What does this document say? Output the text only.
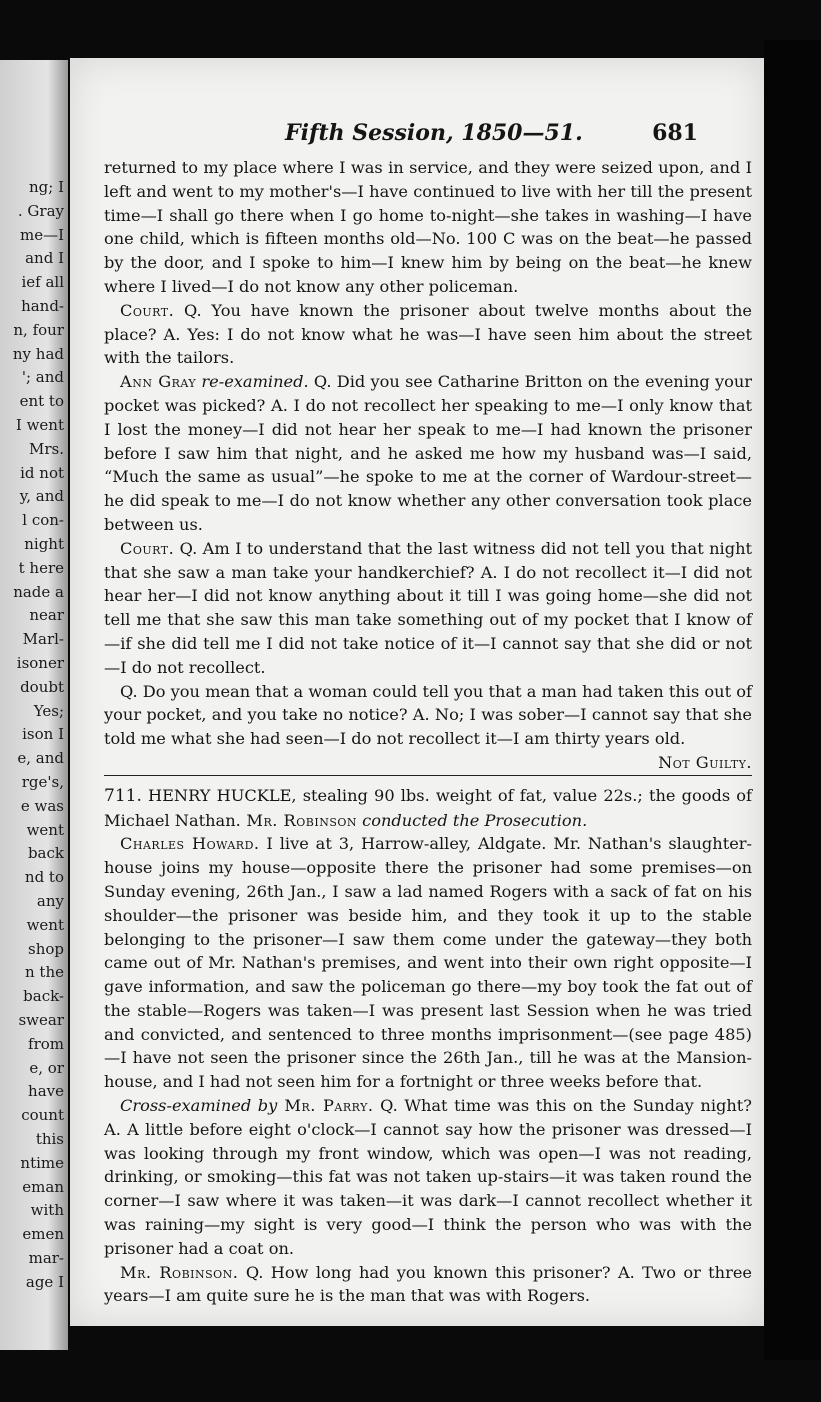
ng; I
. Gray
me—I
and I
ief all
hand-
n, four
ny had
'; and
ent to
I went
Mrs.
id not
y, and
l con-
night
t here
nade a
near
Marl-
isoner
doubt
Yes;
ison I
e, and
rge's,
e was
went
back
nd to
any
went
shop
n the
back-
swear
from
e, or
have
count
this
ntime
eman
with
emen
mar-
age I
Fifth Session, 1850—51.	681

returned to my place where I was in service, and they were seized upon, and I left and went to my mother's—I have continued to live with her till the present time—I shall go there when I go home to-night—she takes in washing—I have one child, which is fifteen months old—No. 100 C was on the beat—he passed by the door, and I spoke to him—I knew him by being on the beat—he knew where I lived—I do not know any other policeman.

Court. Q. You have known the prisoner about twelve months about the place? A. Yes: I do not know what he was—I have seen him about the street with the tailors.

Ann Gray re-examined. Q. Did you see Catharine Britton on the evening your pocket was picked? A. I do not recollect her speaking to me—I only know that I lost the money—I did not hear her speak to me—I had known the prisoner before I saw him that night, and he asked me how my husband was—I said, “Much the same as usual”—he spoke to me at the corner of Wardour-street—he did speak to me—I do not know whether any other conversation took place between us.

Court. Q. Am I to understand that the last witness did not tell you that night that she saw a man take your handkerchief? A. I do not recollect it—I did not hear her—I did not know anything about it till I was going home—she did not tell me that she saw this man take something out of my pocket that I know of—if she did tell me I did not take notice of it—I cannot say that she did or not—I do not recollect.

Q. Do you mean that a woman could tell you that a man had taken this out of your pocket, and you take no notice? A. No; I was sober—I cannot say that she told me what she had seen—I do not recollect it—I am thirty years old.
Not Guilty.

711. HENRY HUCKLE, stealing 90 lbs. weight of fat, value 22s.; the goods of Michael Nathan. Mr. Robinson conducted the Prosecution.

Charles Howard. I live at 3, Harrow-alley, Aldgate. Mr. Nathan's slaughter-house joins my house—opposite there the prisoner had some premises—on Sunday evening, 26th Jan., I saw a lad named Rogers with a sack of fat on his shoulder—the prisoner was beside him, and they took it up to the stable belonging to the prisoner—I saw them come under the gateway—they both came out of Mr. Nathan's premises, and went into their own right opposite—I gave information, and saw the policeman go there—my boy took the fat out of the stable—Rogers was taken—I was present last Session when he was tried and convicted, and sentenced to three months imprisonment—(see page 485)—I have not seen the prisoner since the 26th Jan., till he was at the Mansion-house, and I had not seen him for a fortnight or three weeks before that.

Cross-examined by Mr. Parry. Q. What time was this on the Sunday night? A. A little before eight o'clock—I cannot say how the prisoner was dressed—I was looking through my front window, which was open—I was not reading, drinking, or smoking—this fat was not taken up-stairs—it was taken round the corner—I saw where it was taken—it was dark—I cannot recollect whether it was raining—my sight is very good—I think the person who was with the prisoner had a coat on.

Mr. Robinson. Q. How long had you known this prisoner? A. Two or three years—I am quite sure he is the man that was with Rogers.
